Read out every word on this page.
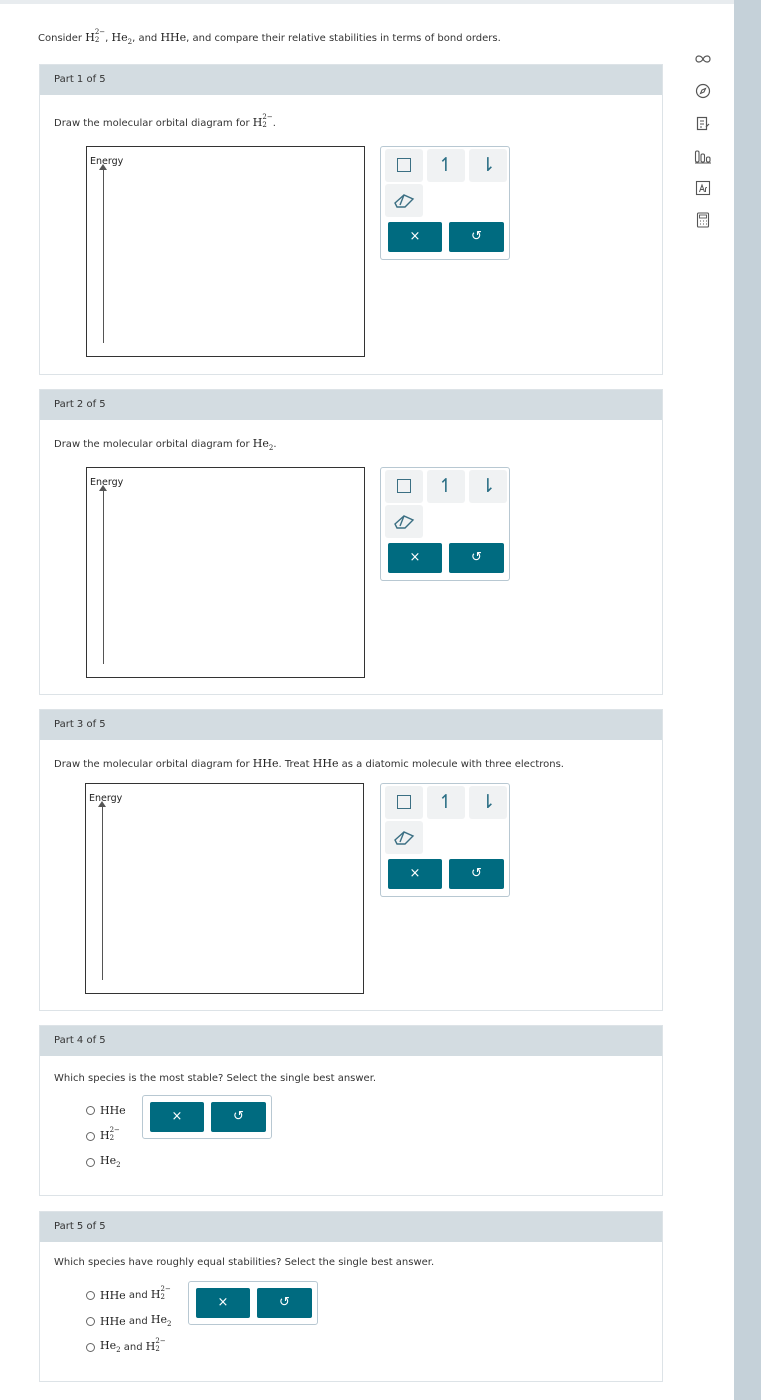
Consider H 2−
2 , $He_2$, and HHe, and compare their relative stabilities in terms of bond orders.
Part 1 of 5
Draw the molecular orbital diagram for H 2−
2 .
Energy	↿	⇂
×	↺
Part 2 of 5
Draw the molecular orbital diagram for $He_2$.
Energy	↿	⇂
×	↺
Part 3 of 5
Draw the molecular orbital diagram for HHe. Treat HHe as a diatomic molecule with three electrons.
Energy	↿	⇂
×	↺
Part 4 of 5
Which species is the most stable? Select the single best answer.
HHe
H 2−
2
$He_2$
×	↺
Part 5 of 5
Which species have roughly equal stabilities? Select the single best answer.
HHe
and
H 2−
2
HHe
and
$He_2$
$He_2$
and
H 2−
2
×	↺
